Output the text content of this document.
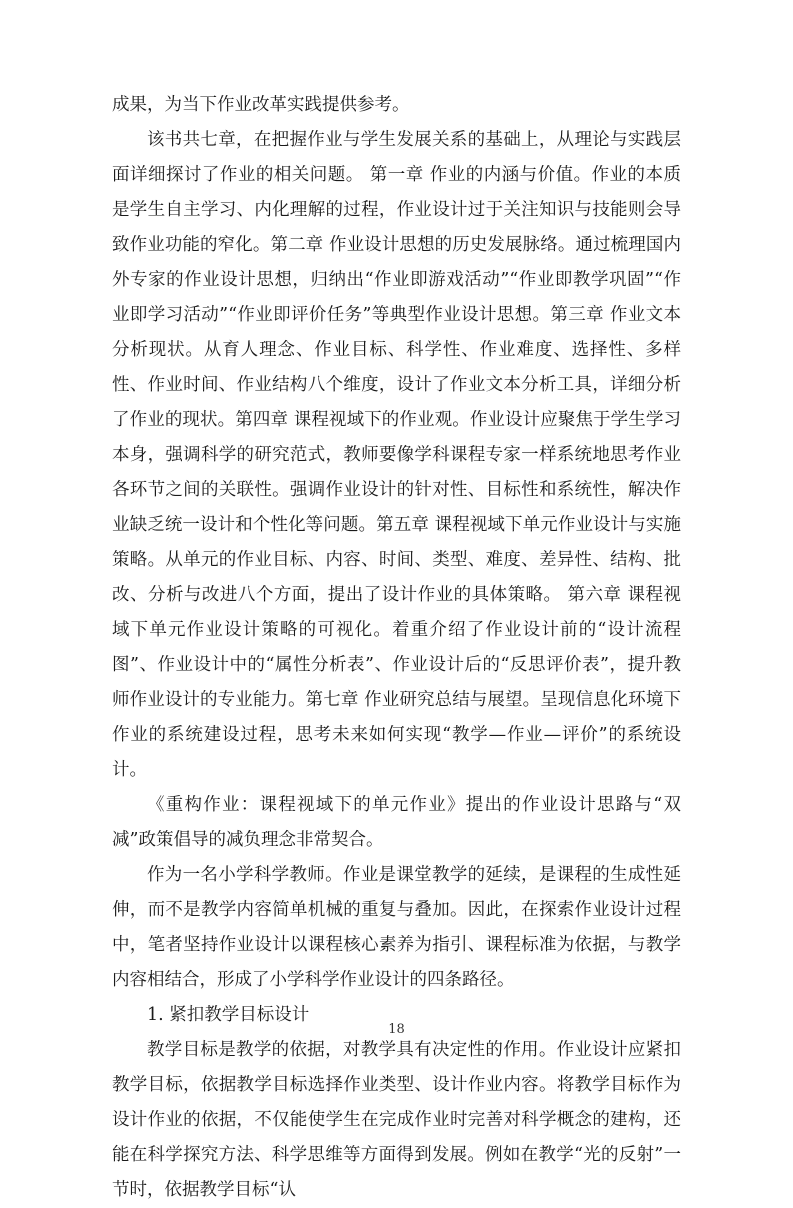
成果，为当下作业改革实践提供参考。

该书共七章，在把握作业与学生发展关系的基础上，从理论与实践层面详细探讨了作业的相关问题。 第一章 作业的内涵与价值。作业的本质是学生自主学习、内化理解的过程，作业设计过于关注知识与技能则会导致作业功能的窄化。第二章 作业设计思想的历史发展脉络。通过梳理国内外专家的作业设计思想，归纳出“作业即游戏活动”“作业即教学巩固”“作业即学习活动”“作业即评价任务”等典型作业设计思想。第三章 作业文本分析现状。从育人理念、作业目标、科学性、作业难度、选择性、多样性、作业时间、作业结构八个维度，设计了作业文本分析工具，详细分析了作业的现状。第四章 课程视域下的作业观。作业设计应聚焦于学生学习本身，强调科学的研究范式，教师要像学科课程专家一样系统地思考作业各环节之间的关联性。强调作业设计的针对性、目标性和系统性，解决作业缺乏统一设计和个性化等问题。第五章 课程视域下单元作业设计与实施策略。从单元的作业目标、内容、时间、类型、难度、差异性、结构、批改、分析与改进八个方面，提出了设计作业的具体策略。 第六章 课程视域下单元作业设计策略的可视化。着重介绍了作业设计前的“设计流程图”、作业设计中的“属性分析表”、作业设计后的“反思评价表”，提升教师作业设计的专业能力。第七章 作业研究总结与展望。呈现信息化环境下作业的系统建设过程，思考未来如何实现“教学—作业—评价”的系统设计。

《重构作业：课程视域下的单元作业》提出的作业设计思路与“双减”政策倡导的减负理念非常契合。

作为一名小学科学教师。作业是课堂教学的延续，是课程的生成性延伸，而不是教学内容简单机械的重复与叠加。因此，在探索作业设计过程中，笔者坚持作业设计以课程核心素养为指引、课程标准为依据，与教学内容相结合，形成了小学科学作业设计的四条路径。

1. 紧扣教学目标设计

教学目标是教学的依据，对教学具有决定性的作用。作业设计应紧扣教学目标，依据教学目标选择作业类型、设计作业内容。将教学目标作为设计作业的依据，不仅能使学生在完成作业时完善对科学概念的建构，还能在科学探究方法、科学思维等方面得到发展。例如在教学“光的反射”一节时，依据教学目标“认

18
